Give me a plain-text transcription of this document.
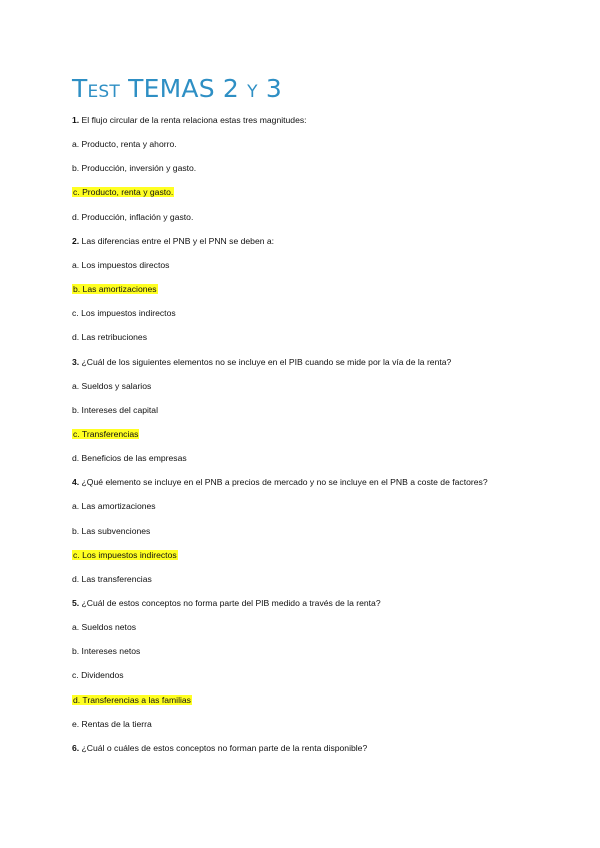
TEST TEMAS 2 Y 3
1. El flujo circular de la renta relaciona estas tres magnitudes:
a. Producto, renta y ahorro.
b. Producción, inversión y gasto.
c. Producto, renta y gasto.
d. Producción, inflación y gasto.
2. Las diferencias entre el PNB y el PNN se deben a:
a. Los impuestos directos
b. Las amortizaciones
c. Los impuestos indirectos
d. Las retribuciones
3. ¿Cuál de los siguientes elementos no se incluye en el PIB cuando se mide por la vía de la renta?
a. Sueldos y salarios
b. Intereses del capital
c. Transferencias
d. Beneficios de las empresas
4. ¿Qué elemento se incluye en el PNB a precios de mercado y no se incluye en el PNB a coste de factores?
a. Las amortizaciones
b. Las subvenciones
c. Los impuestos indirectos
d. Las transferencias
5. ¿Cuál de estos conceptos no forma parte del PIB medido a través de la renta?
a. Sueldos netos
b. Intereses netos
c. Dividendos
d. Transferencias a las familias
e. Rentas de la tierra
6. ¿Cuál o cuáles de estos conceptos no forman parte de la renta disponible?
